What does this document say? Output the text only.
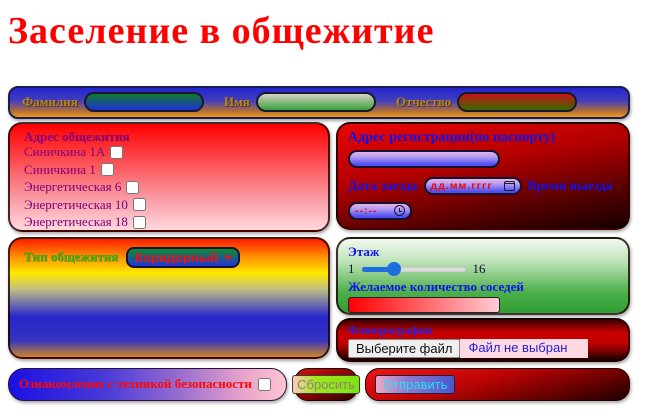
Заселение в общежитие
Фамилия	Имя	Отчество
Адрес общежития
Синичкина 1А
Синичкина 1
Энергетическая 6
Энергетическая 10
Энергетическая 18
Тип общежития Коридорный
Адрес регистрации(по паспорту)
Дата заезда дд.мм.гггг	Время выезда
--:--
Этаж
1	16
Желаемое количество соседей
Флюорография
Выберите файл	Файл не выбран
Ознакомление с техникой безопасности	Сбросить	Отправить
